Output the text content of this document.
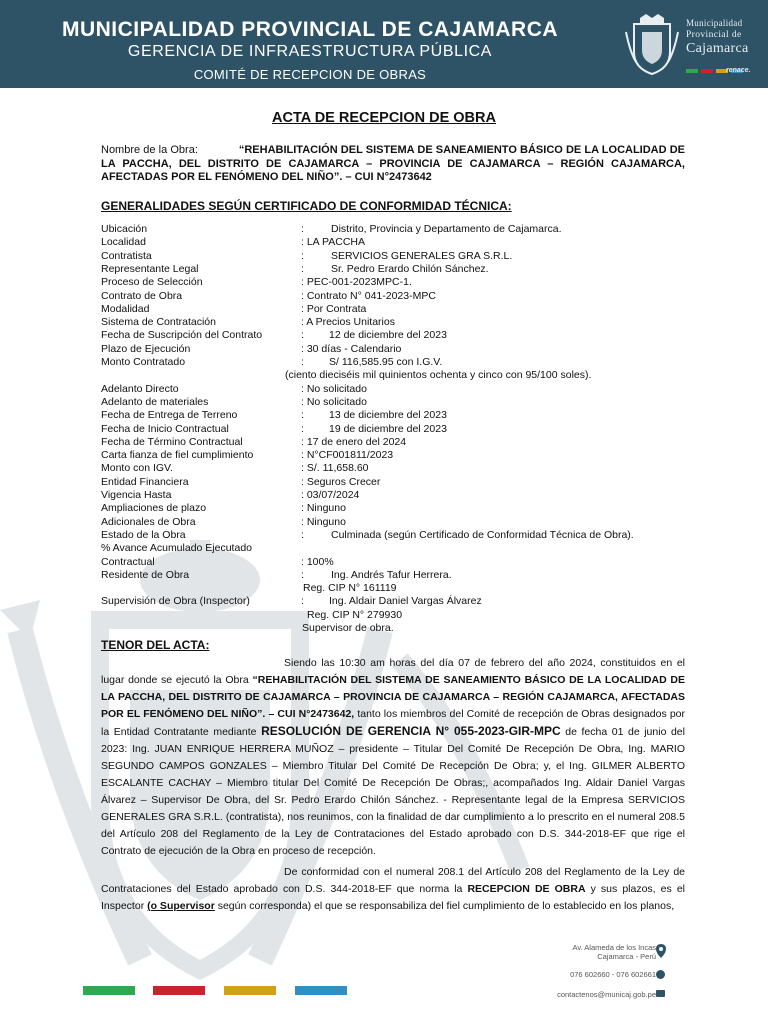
MUNICIPALIDAD PROVINCIAL DE CAJAMARCA
GERENCIA DE INFRAESTRUCTURA PÚBLICA
COMITÉ DE RECEPCION DE OBRAS
Municipalidad
Provincial de
Cajamarca
renace.
ACTA DE RECEPCION DE OBRA
Nombre de la Obra:	“REHABILITACIÓN DEL SISTEMA DE SANEAMIENTO BÁSICO DE LA LOCALIDAD DE LA PACCHA, DEL DISTRITO DE CAJAMARCA – PROVINCIA DE CAJAMARCA – REGIÓN CAJAMARCA, AFECTADAS POR EL FENÓMENO DEL NIÑO”. – CUI N°2473642
GENERALIDADES SEGÚN CERTIFICADO DE CONFORMIDAD TÉCNICA:
Ubicación	:	Distrito, Provincia y Departamento de Cajamarca.
Localidad	: LA PACCHA
Contratista	:	SERVICIOS GENERALES GRA S.R.L.
Representante Legal	:	Sr. Pedro Erardo Chilón Sánchez.
Proceso de Selección	: PEC-001-2023MPC-1.
Contrato de Obra	: Contrato N° 041-2023-MPC
Modalidad	: Por Contrata
Sistema de Contratación	: A Precios Unitarios
Fecha de Suscripción del Contrato	: 12 de diciembre del 2023
Plazo de Ejecución	: 30 días - Calendario
Monto Contratado	: S/ 116,585.95 con I.G.V.
(ciento dieciséis mil quinientos ochenta y cinco con 95/100 soles).
Adelanto Directo	: No solicitado
Adelanto de materiales	: No solicitado
Fecha de Entrega de Terreno	: 13 de diciembre del 2023
Fecha de Inicio Contractual	: 19 de diciembre del 2023
Fecha de Término Contractual	: 17 de enero del 2024
Carta fianza de fiel cumplimiento	: N°CF001811/2023
Monto con IGV.	: S/. 11,658.60
Entidad Financiera	: Seguros Crecer
Vigencia Hasta	: 03/07/2024
Ampliaciones de plazo	: Ninguno
Adicionales de Obra	: Ninguno
Estado de la Obra	:	Culminada (según Certificado de Conformidad Técnica de Obra).
% Avance Acumulado Ejecutado
Contractual	: 100%
Residente de Obra	:	Ing. Andrés Tafur Herrera.
Reg. CIP N° 161119
Supervisión de Obra (Inspector)	: Ing. Aldair Daniel Vargas Álvarez
Reg. CIP N° 279930
Supervisor de obra.
TENOR DEL ACTA:
Siendo las 10:30 am horas del día 07 de febrero del año 2024, constituidos en el lugar donde se ejecutó la Obra “REHABILITACIÓN DEL SISTEMA DE SANEAMIENTO BÁSICO DE LA LOCALIDAD DE LA PACCHA, DEL DISTRITO DE CAJAMARCA – PROVINCIA DE CAJAMARCA – REGIÓN CAJAMARCA, AFECTADAS POR EL FENÓMENO DEL NIÑO”. – CUI N°2473642, tanto los miembros del Comité de recepción de Obras designados por la Entidad Contratante mediante RESOLUCIÓN DE GERENCIA N° 055-2023-GIR-MPC de fecha 01 de junio del 2023: Ing. JUAN ENRIQUE HERRERA MUÑOZ – presidente – Titular Del Comité De Recepción De Obra, Ing. MARIO SEGUNDO CAMPOS GONZALES – Miembro Titular Del Comité De Recepción De Obra; y, el Ing. GILMER ALBERTO ESCALANTE CACHAY – Miembro titular Del Comité De Recepción De Obras;, acompañados Ing. Aldair Daniel Vargas Álvarez – Supervisor De Obra, del Sr. Pedro Erardo Chilón Sánchez. - Representante legal de la Empresa SERVICIOS GENERALES GRA S.R.L. (contratista), nos reunimos, con la finalidad de dar cumplimiento a lo prescrito en el numeral 208.5 del Artículo 208 del Reglamento de la Ley de Contrataciones del Estado aprobado con D.S. 344-2018-EF que rige el Contrato de ejecución de la Obra en proceso de recepción.
De conformidad con el numeral 208.1 del Artículo 208 del Reglamento de la Ley de Contrataciones del Estado aprobado con D.S. 344-2018-EF que norma la RECEPCION DE OBRA y sus plazos, es el Inspector (o Supervisor según corresponda) el que se responsabiliza del fiel cumplimiento de lo establecido en los planos,
Av. Alameda de los Incas
Cajamarca - Perú
076 602660 - 076 602661
contactenos@municaj.gob.pe
